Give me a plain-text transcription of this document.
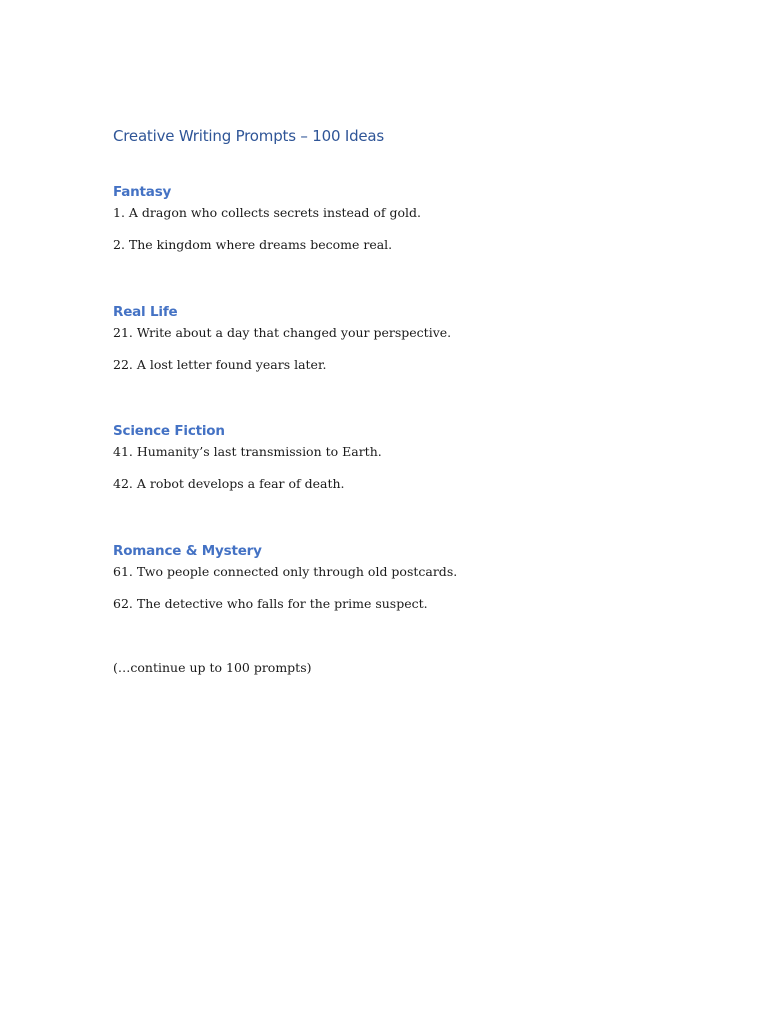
Creative Writing Prompts – 100 Ideas
Fantasy

1. A dragon who collects secrets instead of gold.

2. The kingdom where dreams become real.

Real Life

21. Write about a day that changed your perspective.

22. A lost letter found years later.

Science Fiction

41. Humanity’s last transmission to Earth.

42. A robot develops a fear of death.

Romance & Mystery

61. Two people connected only through old postcards.

62. The detective who falls for the prime suspect.

(…continue up to 100 prompts)
